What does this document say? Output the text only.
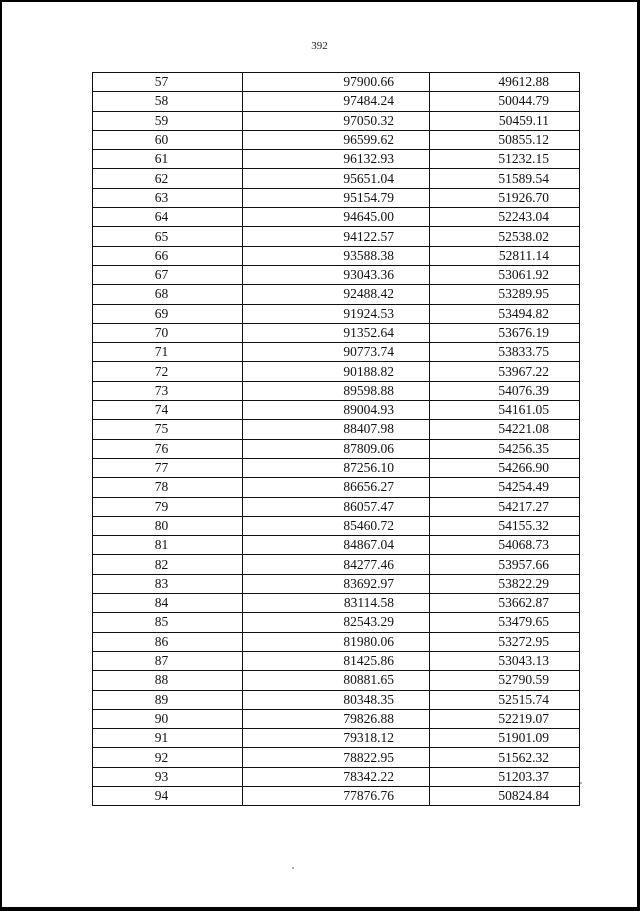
392
57	97900.66	49612.88
58	97484.24	50044.79
59	97050.32	50459.11
60	96599.62	50855.12
61	96132.93	51232.15
62	95651.04	51589.54
63	95154.79	51926.70
64	94645.00	52243.04
65	94122.57	52538.02
66	93588.38	52811.14
67	93043.36	53061.92
68	92488.42	53289.95
69	91924.53	53494.82
70	91352.64	53676.19
71	90773.74	53833.75
72	90188.82	53967.22
73	89598.88	54076.39
74	89004.93	54161.05
75	88407.98	54221.08
76	87809.06	54256.35
77	87256.10	54266.90
78	86656.27	54254.49
79	86057.47	54217.27
80	85460.72	54155.32
81	84867.04	54068.73
82	84277.46	53957.66
83	83692.97	53822.29
84	83114.58	53662.87
85	82543.29	53479.65
86	81980.06	53272.95
87	81425.86	53043.13
88	80881.65	52790.59
89	80348.35	52515.74
90	79826.88	52219.07
91	79318.12	51901.09
92	78822.95	51562.32
93	78342.22	51203.37
94	77876.76	50824.84
